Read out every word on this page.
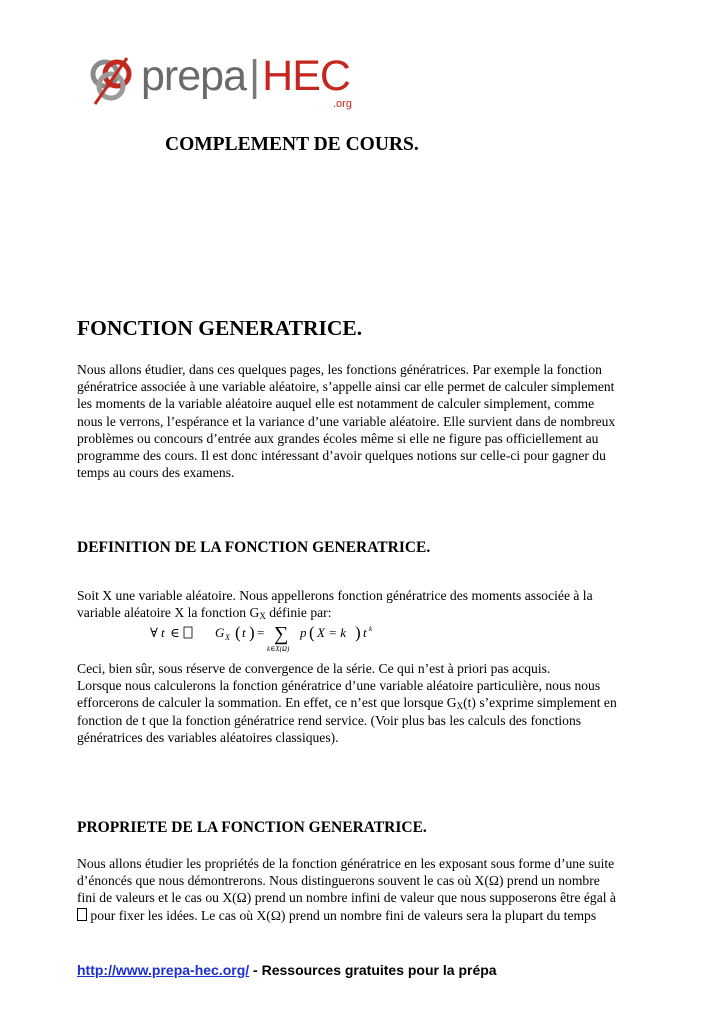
prepa|HEC
.org
COMPLEMENT DE COURS.
FONCTION GENERATRICE.
Nous allons étudier, dans ces quelques pages, les fonctions génératrices. Par exemple la fonction
génératrice associée à une variable aléatoire, s’appelle ainsi car elle permet de calculer simplement
les moments de la variable aléatoire auquel elle est notamment de calculer simplement, comme
nous le verrons, l’espérance et la variance d’une variable aléatoire. Elle survient dans de nombreux
problèmes ou concours d’entrée aux grandes écoles même si elle ne figure pas officiellement au
programme des cours. Il est donc intéressant d’avoir quelques notions sur celle-ci pour gagner du
temps au cours des examens.
DEFINITION DE LA FONCTION GENERATRICE.
Soit X une variable aléatoire. Nous appellerons fonction génératrice des moments associée à la
variable aléatoire X la fonction $G_X$ définie par:
∀ t ∈	G X ( t ) = ∑
k∈X(Ω)
p ( X = k ) t k
Ceci, bien sûr, sous réserve de convergence de la série. Ce qui n’est à priori pas acquis.
Lorsque nous calculerons la fonction génératrice d’une variable aléatoire particulière, nous nous
efforcerons de calculer la sommation. En effet, ce n’est que lorsque $G_X(t)$ s’exprime simplement en
fonction de t que la fonction génératrice rend service. (Voir plus bas les calculs des fonctions
génératrices des variables aléatoires classiques).
PROPRIETE DE LA FONCTION GENERATRICE.
Nous allons étudier les propriétés de la fonction génératrice en les exposant sous forme d’une suite
d’énoncés que nous démontrerons. Nous distinguerons souvent le cas où X(Ω) prend un nombre
fini de valeurs et le cas ou X(Ω) prend un nombre infini de valeur que nous supposerons être égal à
pour fixer les idées. Le cas où X(Ω) prend un nombre fini de valeurs sera la plupart du temps
http://www.prepa-hec.org/ - Ressources gratuites pour la prépa
